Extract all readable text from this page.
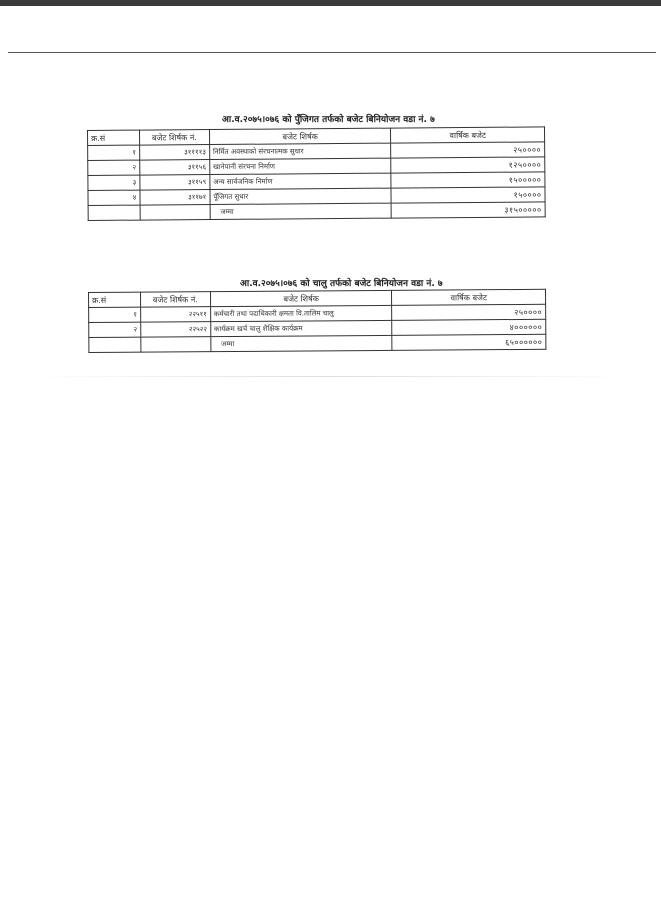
आ.व.२०७५।०७६ को पुँजिगत तर्फको बजेट बिनियोजन वडा नं. ७
क्र.सं	बजेट शिर्षक नं.	बजेट शिर्षक	वार्षिक बजेट
१	३११११३	निर्मित अवस्थाको संरचनात्मक सुधार	२५००००
२	३११५६	खानेपानी संरचना निर्माण	१२५००००
३	३११५९	अन्य सार्वजनिक निर्माण	१५०००००
४	३११७१	पूँजिगत सुधार	१५००००
		जम्मा	३१५०००००
आ.व.२०७५।०७६ को चालु तर्फको बजेट बिनियोजन वडा नं. ७
क्र.सं	बजेट शिर्षक नं.	बजेट शिर्षक	वार्षिक बजेट
१	२२५११	कर्मचारी तथा पदाधिकारी क्षमता वि.तालिम चालु	२५००००
२	२२५२२	कार्यक्रम खर्च चालु शैक्षिक कार्यक्रम	४००००००
		जम्मा	६५००००००
